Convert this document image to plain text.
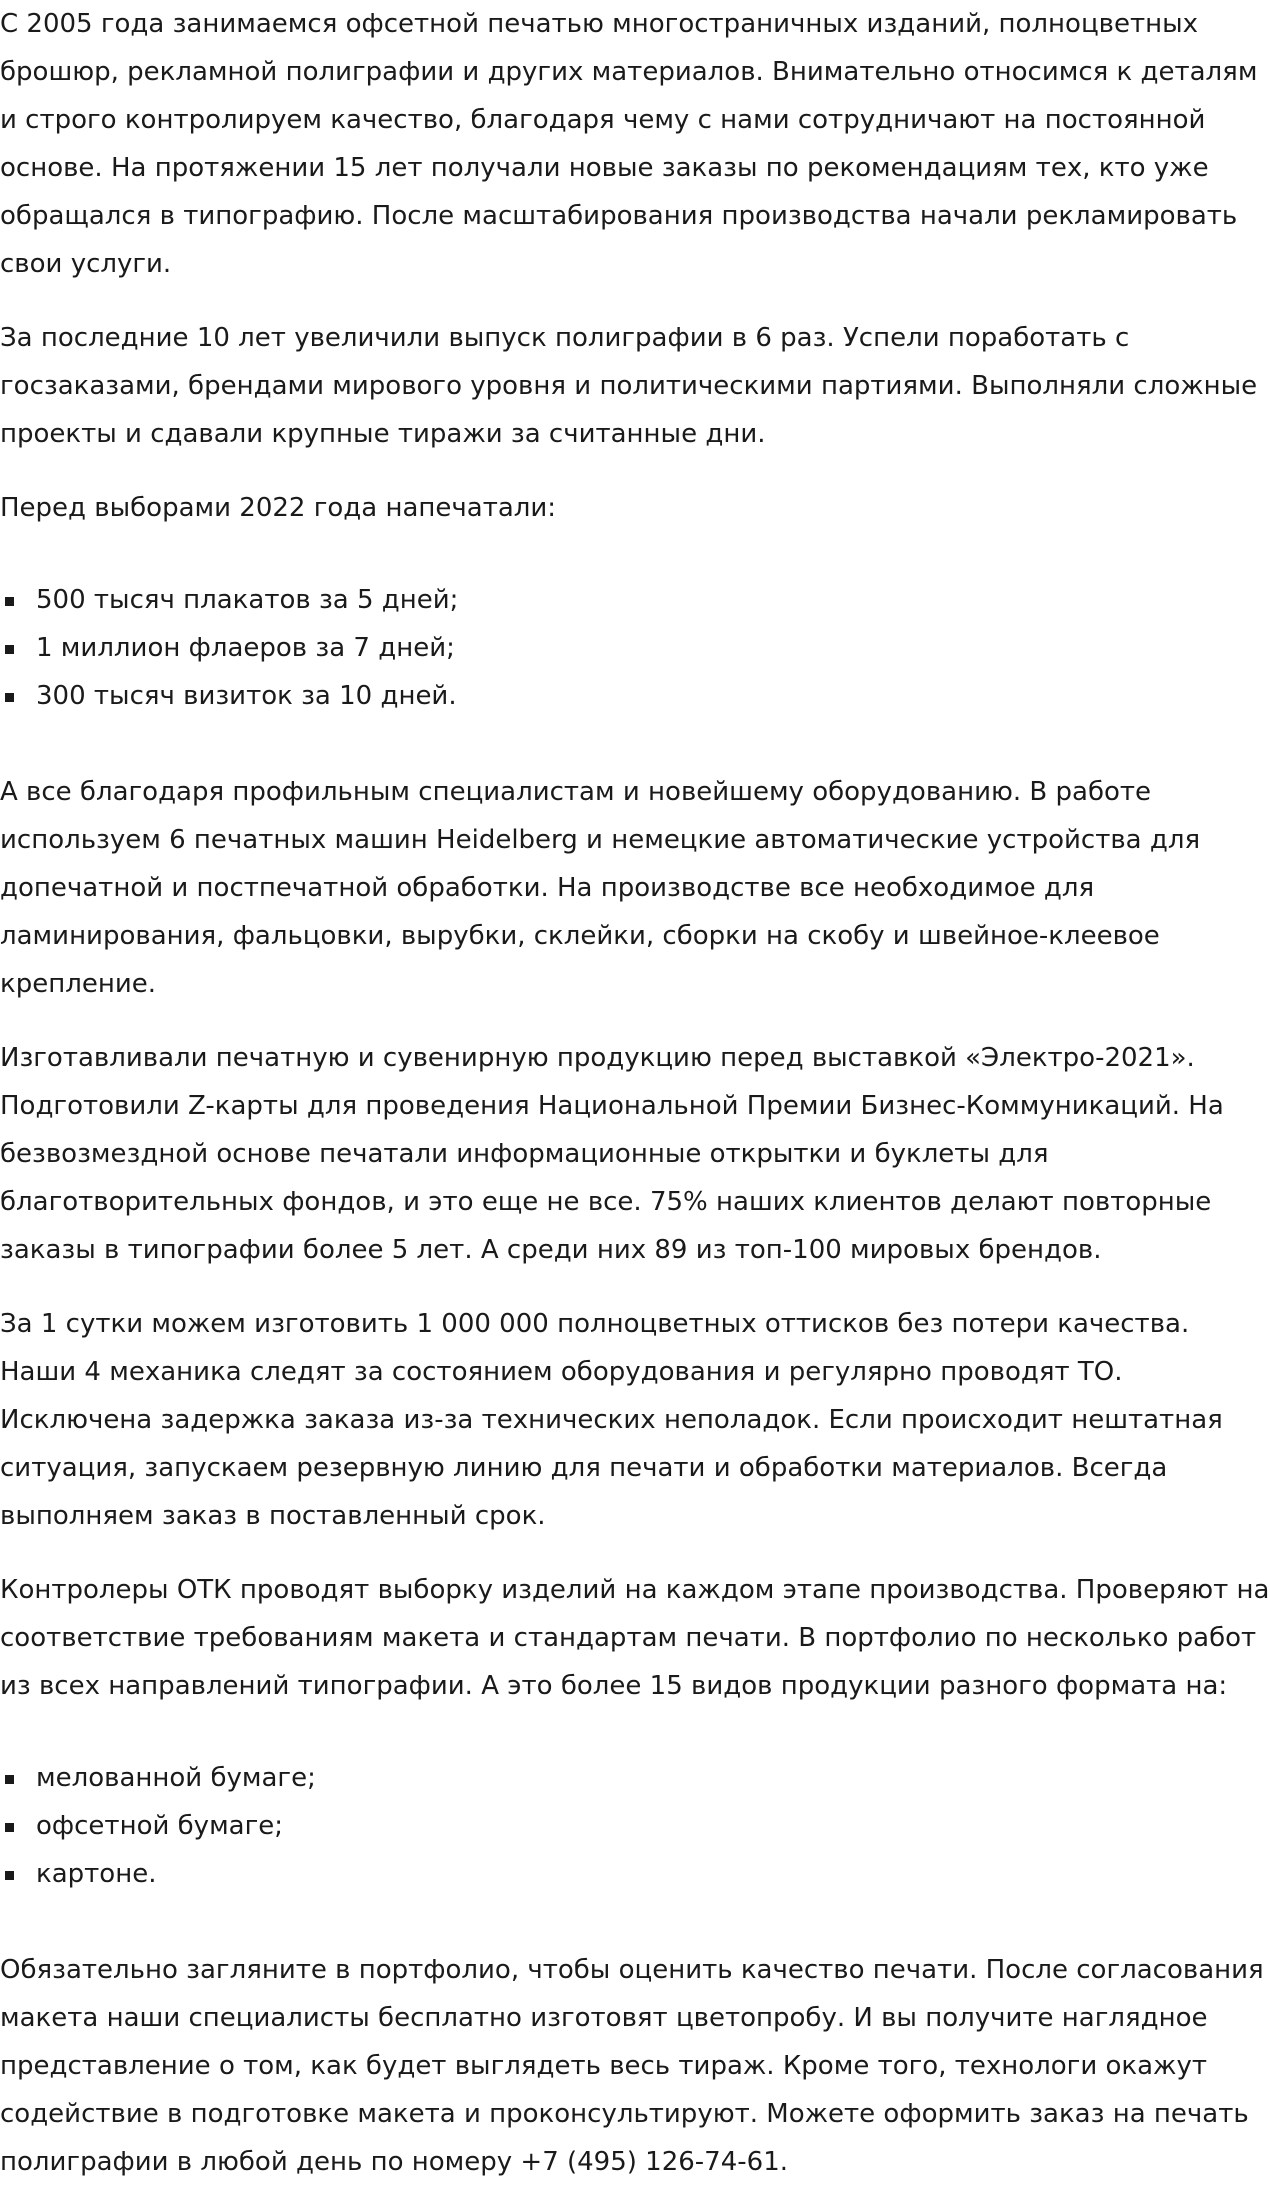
С 2005 года занимаемся офсетной печатью многостраничных изданий, полноцветных брошюр, рекламной полиграфии и других материалов. Внимательно относимся к деталям и строго контролируем качество, благодаря чему с нами сотрудничают на постоянной основе. На протяжении 15 лет получали новые заказы по рекомендациям тех, кто уже обращался в типографию. После масштабирования производства начали рекламировать свои услуги.

За последние 10 лет увеличили выпуск полиграфии в 6 раз. Успели поработать с госзаказами, брендами мирового уровня и политическими партиями. Выполняли сложные проекты и сдавали крупные тиражи за считанные дни.

Перед выборами 2022 года напечатали:

500 тысяч плакатов за 5 дней;
1 миллион флаеров за 7 дней;
300 тысяч визиток за 10 дней.

А все благодаря профильным специалистам и новейшему оборудованию. В работе используем 6 печатных машин Heidelberg и немецкие автоматические устройства для допечатной и постпечатной обработки. На производстве все необходимое для ламинирования, фальцовки, вырубки, склейки, сборки на скобу и швейное-клеевое крепление.

Изготавливали печатную и сувенирную продукцию перед выставкой «Электро-2021». Подготовили Z-карты для проведения Национальной Премии Бизнес-Коммуникаций. На безвозмездной основе печатали информационные открытки и буклеты для благотворительных фондов, и это еще не все. 75% наших клиентов делают повторные заказы в типографии более 5 лет. А среди них 89 из топ-100 мировых брендов.

За 1 сутки можем изготовить 1 000 000 полноцветных оттисков без потери качества. Наши 4 механика следят за состоянием оборудования и регулярно проводят ТО. Исключена задержка заказа из-за технических неполадок. Если происходит нештатная ситуация, запускаем резервную линию для печати и обработки материалов. Всегда выполняем заказ в поставленный срок.

Контролеры ОТК проводят выборку изделий на каждом этапе производства. Проверяют на соответствие требованиям макета и стандартам печати. В портфолио по несколько работ из всех направлений типографии. А это более 15 видов продукции разного формата на:

мелованной бумаге;
офсетной бумаге;
картоне.

Обязательно загляните в портфолио, чтобы оценить качество печати. После согласования макета наши специалисты бесплатно изготовят цветопробу. И вы получите наглядное представление о том, как будет выглядеть весь тираж. Кроме того, технологи окажут содействие в подготовке макета и проконсультируют. Можете оформить заказ на печать полиграфии в любой день по номеру +7 (495) 126-74-61.
